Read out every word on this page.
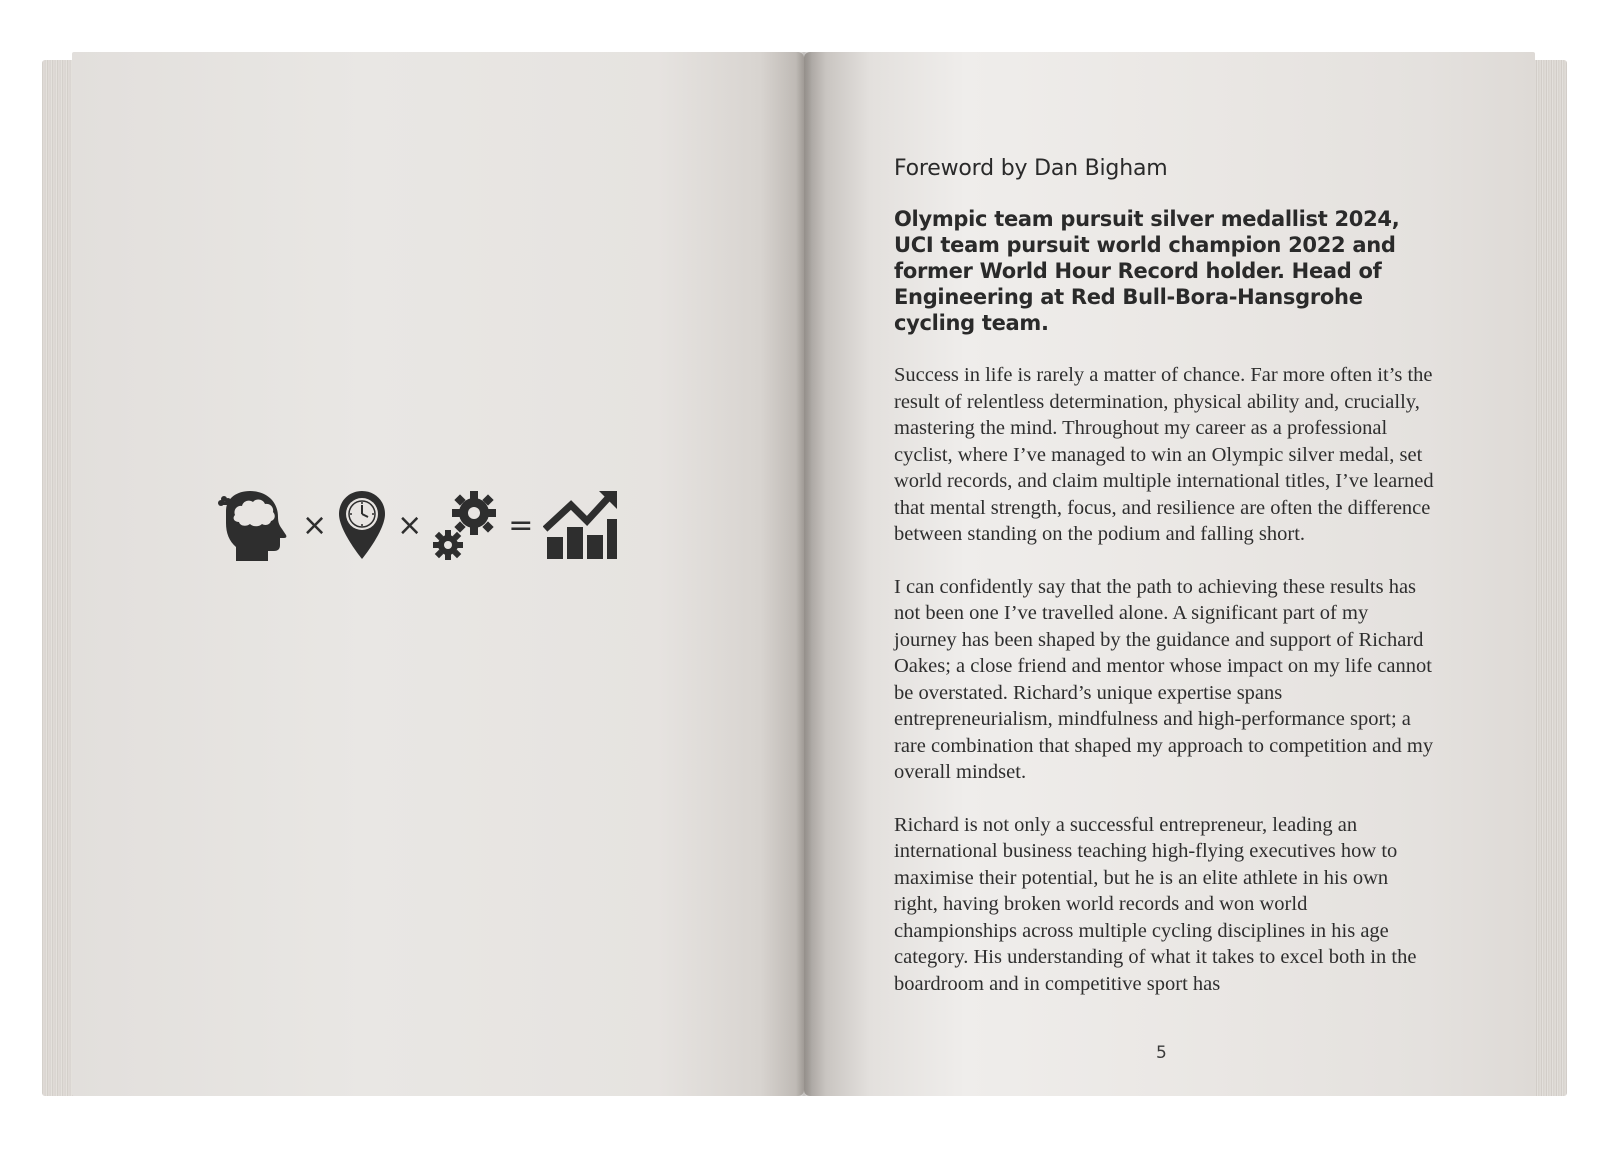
× ×	=
Foreword by Dan Bigham
Olympic team pursuit silver medallist 2024, UCI team pursuit world champion 2022 and former World Hour Record holder. Head of Engineering at Red Bull-Bora-Hansgrohe cycling team.

Success in life is rarely a matter of chance. Far more often it’s the result of relentless determination, physical ability and, crucially, mastering the mind. Throughout my career as a professional cyclist, where I’ve managed to win an Olympic silver medal, set world records, and claim multiple international titles, I’ve learned that mental strength, focus, and resilience are often the difference between standing on the podium and falling short.

I can confidently say that the path to achieving these results has not been one I’ve travelled alone. A significant part of my journey has been shaped by the guidance and support of Richard Oakes; a close friend and mentor whose impact on my life cannot be overstated. Richard’s unique expertise spans entrepreneurialism, mindfulness and high-performance sport; a rare combination that shaped my approach to competition and my overall mindset.

Richard is not only a successful entrepreneur, leading an international business teaching high-flying executives how to maximise their potential, but he is an elite athlete in his own right, having broken world records and won world championships across multiple cycling disciplines in his age category. His understanding of what it takes to excel both in the boardroom and in competitive sport has

5
